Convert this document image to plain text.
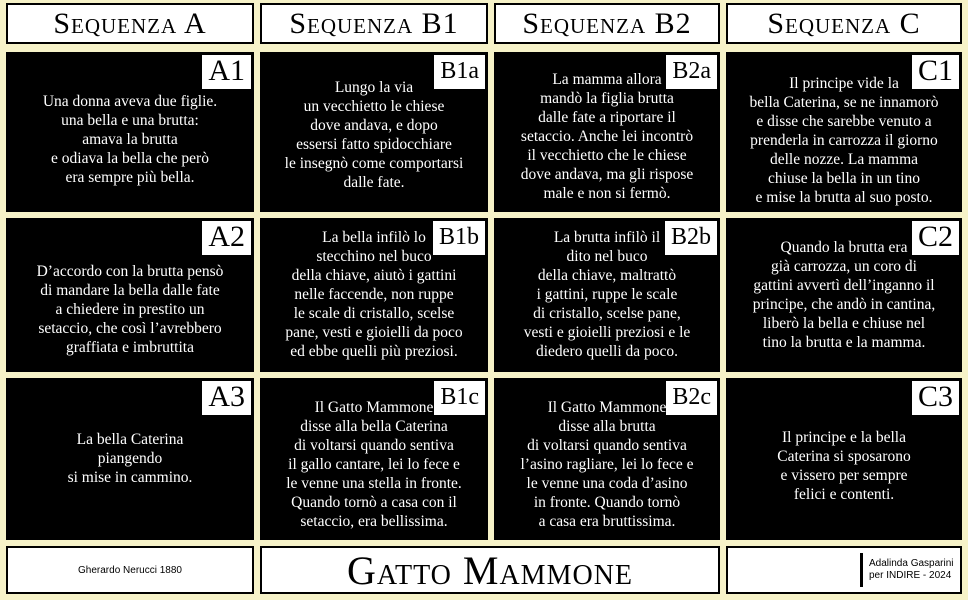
Sequenza A	Sequenza B1	Sequenza B2	Sequenza C
A1
Una donna aveva due figlie.
una bella e una brutta:
amava la brutta
e odiava la bella che però
era sempre più bella.
B1a
Lungo la via
un vecchietto le chiese
dove andava, e dopo
essersi fatto spidocchiare
le insegnò come comportarsi
dalle fate.
B2a
La mamma allora
mandò la figlia brutta
dalle fate a riportare il
setaccio. Anche lei incontrò
il vecchietto che le chiese
dove andava, ma gli rispose
male e non si fermò.
C1
Il principe vide la
bella Caterina, se ne innamorò
e disse che sarebbe venuto a
prenderla in carrozza il giorno
delle nozze. La mamma
chiuse la bella in un tino
e mise la brutta al suo posto.
A2
D’accordo con la brutta pensò
di mandare la bella dalle fate
a chiedere in prestito un
setaccio, che così l’avrebbero
graffiata e imbruttita
B1b
La bella infilò lo
stecchino nel buco
della chiave, aiutò i gattini
nelle faccende, non ruppe
le scale di cristallo, scelse
pane, vesti e gioielli da poco
ed ebbe quelli più preziosi.
B2b
La brutta infilò il
dito nel buco
della chiave, maltrattò
i gattini, ruppe le scale
di cristallo, scelse pane,
vesti e gioielli preziosi e le
diedero quelli da poco.
C2
Quando la brutta era
già carrozza, un coro di
gattini avvertì dell’inganno il
principe, che andò in cantina,
liberò la bella e chiuse nel
tino la brutta e la mamma.
A3
La bella Caterina
piangendo
si mise in cammino.
B1c
Il Gatto Mammone
disse alla bella Caterina
di voltarsi quando sentiva
il gallo cantare, lei lo fece e
le venne una stella in fronte.
Quando tornò a casa con il
setaccio, era bellissima.
B2c
Il Gatto Mammone
disse alla brutta
di voltarsi quando sentiva
l’asino ragliare, lei lo fece e
le venne una coda d’asino
in fronte. Quando tornò
a casa era bruttissima.
C3
Il principe e la bella
Caterina si sposarono
e vissero per sempre
felici e contenti.
Gherardo Nerucci 1880	Gatto Mammone	Adalinda Gasparini
per INDIRE - 2024
